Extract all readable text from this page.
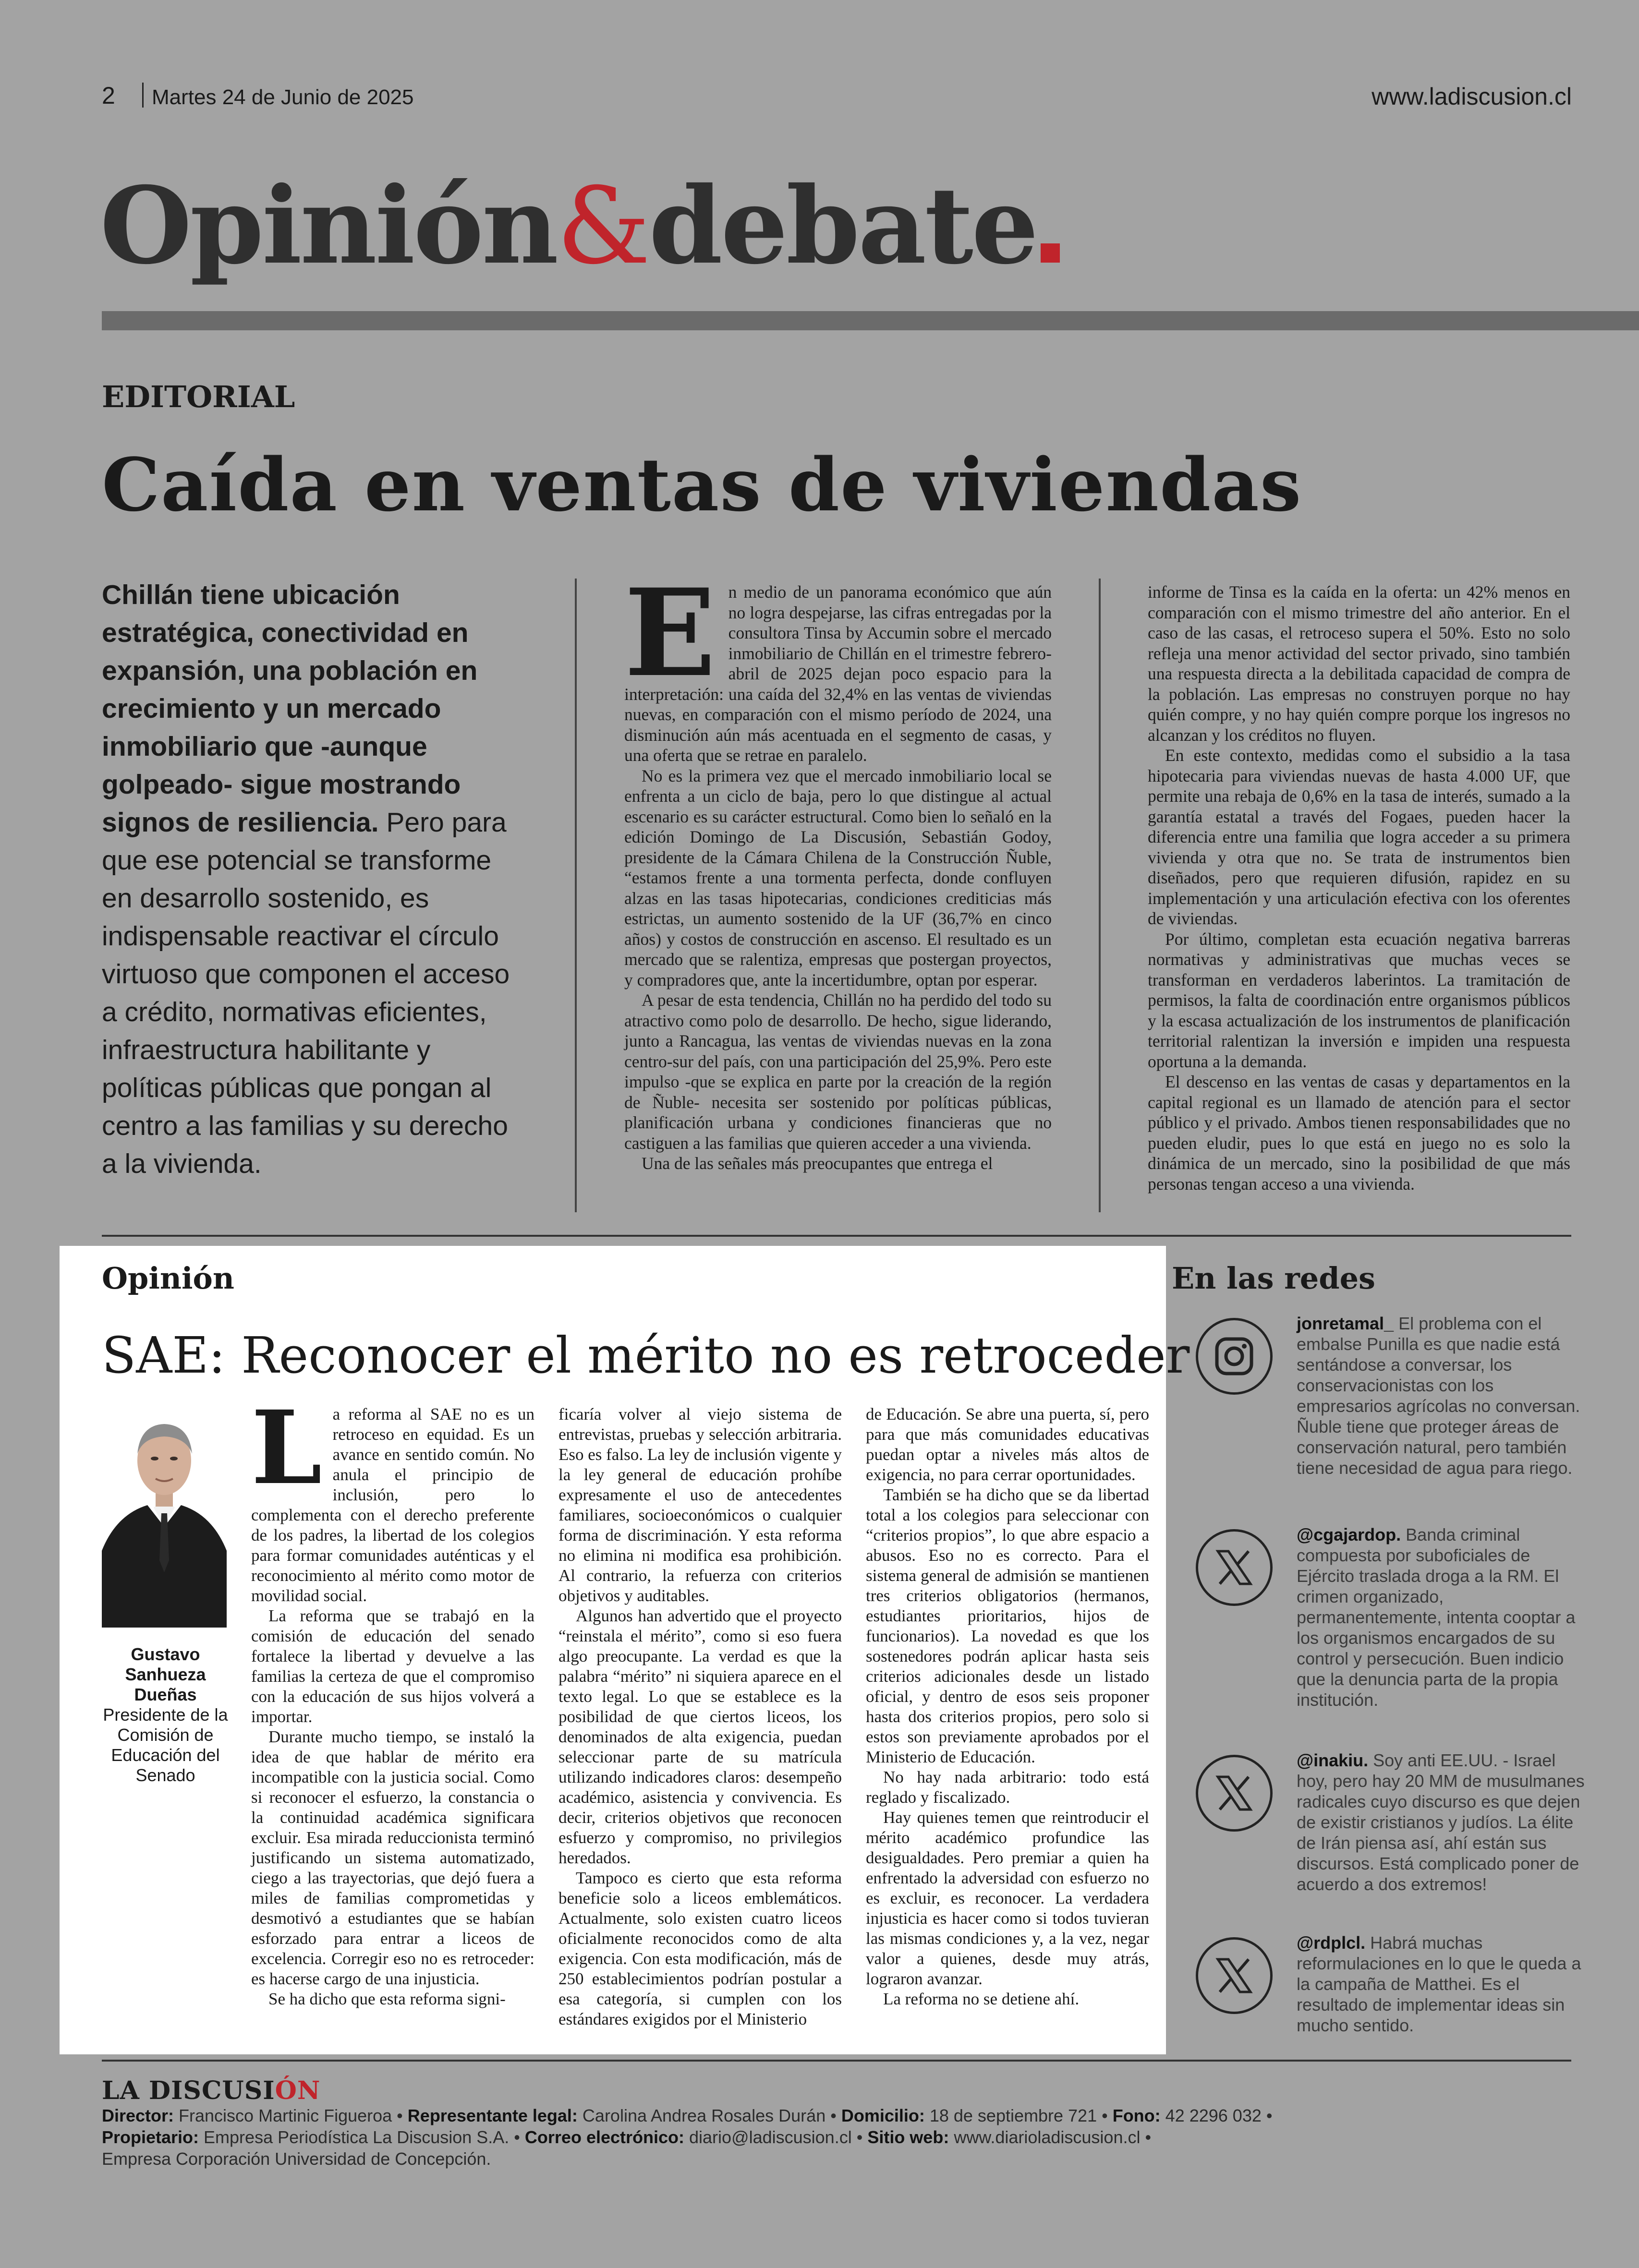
2 Martes 24 de Junio de 2025	www.ladiscusion.cl
Opinión&debate
EDITORIAL
Caída en ventas de viviendas
Chillán tiene ubicación estratégica, conectividad en expansión, una población en crecimiento y un mercado inmobiliario que -aunque golpeado- sigue mostrando signos de resiliencia. Pero para que ese potencial se transforme en desarrollo sostenido, es indispensable reactivar el círculo virtuoso que componen el acceso a crédito, normativas eficientes, infraestructura habilitante y políticas públicas que pongan al centro a las familias y su derecho a la vivienda.
E n medio de un panorama económico que aún no logra despejarse, las cifras entregadas por la consultora Tinsa by Accumin sobre el mercado inmobiliario de Chillán en el trimestre febrero-abril de 2025 dejan poco espacio para la interpretación: una caída del 32,4% en las ventas de viviendas nuevas, en comparación con el mismo período de 2024, una disminución aún más acentuada en el segmento de casas, y una oferta que se retrae en paralelo.

No es la primera vez que el mercado inmobiliario local se enfrenta a un ciclo de baja, pero lo que distingue al actual escenario es su carácter estructural. Como bien lo señaló en la edición Domingo de La Discusión, Sebastián Godoy, presidente de la Cámara Chilena de la Construcción Ñuble, “estamos frente a una tormenta perfecta, donde confluyen alzas en las tasas hipotecarias, condiciones crediticias más estrictas, un aumento sostenido de la UF (36,7% en cinco años) y costos de construcción en ascenso. El resultado es un mercado que se ralentiza, empresas que postergan proyectos, y compradores que, ante la incertidumbre, optan por esperar.

A pesar de esta tendencia, Chillán no ha perdido del todo su atractivo como polo de desarrollo. De hecho, sigue liderando, junto a Rancagua, las ventas de viviendas nuevas en la zona centro-sur del país, con una participación del 25,9%. Pero este impulso -que se explica en parte por la creación de la región de Ñuble- necesita ser sostenido por políticas públicas, planificación urbana y condiciones financieras que no castiguen a las familias que quieren acceder a una vivienda.

Una de las señales más preocupantes que entrega el

informe de Tinsa es la caída en la oferta: un 42% menos en comparación con el mismo trimestre del año anterior. En el caso de las casas, el retroceso supera el 50%. Esto no solo refleja una menor actividad del sector privado, sino también una respuesta directa a la debilitada capacidad de compra de la población. Las empresas no construyen porque no hay quién compre, y no hay quién compre porque los ingresos no alcanzan y los créditos no fluyen.

En este contexto, medidas como el subsidio a la tasa hipotecaria para viviendas nuevas de hasta 4.000 UF, que permite una rebaja de 0,6% en la tasa de interés, sumado a la garantía estatal a través del Fogaes, pueden hacer la diferencia entre una familia que logra acceder a su primera vivienda y otra que no. Se trata de instrumentos bien diseñados, pero que requieren difusión, rapidez en su implementación y una articulación efectiva con los oferentes de viviendas.

Por último, completan esta ecuación negativa barreras normativas y administrativas que muchas veces se transforman en verdaderos laberintos. La tramitación de permisos, la falta de coordinación entre organismos públicos y la escasa actualización de los instrumentos de planificación territorial ralentizan la inversión e impiden una respuesta oportuna a la demanda.

El descenso en las ventas de casas y departamentos en la capital regional es un llamado de atención para el sector público y el privado. Ambos tienen responsabilidades que no pueden eludir, pues lo que está en juego no es solo la dinámica de un mercado, sino la posibilidad de que más personas tengan acceso a una vivienda.

Opinión
SAE: Reconocer el mérito no es retroceder
Gustavo Sanhueza Dueñas
Presidente de la Comisión de Educación del Senado
L a reforma al SAE no es un retroceso en equidad. Es un avance en sentido común. No anula el principio de inclusión, pero lo complementa con el derecho preferente de los padres, la libertad de los colegios para formar comunidades auténticas y el reconocimiento al mérito como motor de movilidad social.

La reforma que se trabajó en la comisión de educación del senado fortalece la libertad y devuelve a las familias la certeza de que el compromiso con la educación de sus hijos volverá a importar.

Durante mucho tiempo, se instaló la idea de que hablar de mérito era incompatible con la justicia social. Como si reconocer el esfuerzo, la constancia o la continuidad académica significara excluir. Esa mirada reduccionista terminó justificando un sistema automatizado, ciego a las trayectorias, que dejó fuera a miles de familias comprometidas y desmotivó a estudiantes que se habían esforzado para entrar a liceos de excelencia. Corregir eso no es retroceder: es hacerse cargo de una injusticia.

Se ha dicho que esta reforma signi-

ficaría volver al viejo sistema de entrevistas, pruebas y selección arbitraria. Eso es falso. La ley de inclusión vigente y la ley general de educación prohíbe expresamente el uso de antecedentes familiares, socioeconómicos o cualquier forma de discriminación. Y esta reforma no elimina ni modifica esa prohibición. Al contrario, la refuerza con criterios objetivos y auditables.

Algunos han advertido que el proyecto “reinstala el mérito”, como si eso fuera algo preocupante. La verdad es que la palabra “mérito” ni siquiera aparece en el texto legal. Lo que se establece es la posibilidad de que ciertos liceos, los denominados de alta exigencia, puedan seleccionar parte de su matrícula utilizando indicadores claros: desempeño académico, asistencia y convivencia. Es decir, criterios objetivos que reconocen esfuerzo y compromiso, no privilegios heredados.

Tampoco es cierto que esta reforma beneficie solo a liceos emblemáticos. Actualmente, solo existen cuatro liceos oficialmente reconocidos como de alta exigencia. Con esta modificación, más de 250 establecimientos podrían postular a esa categoría, si cumplen con los estándares exigidos por el Ministerio

de Educación. Se abre una puerta, sí, pero para que más comunidades educativas puedan optar a niveles más altos de exigencia, no para cerrar oportunidades.

También se ha dicho que se da libertad total a los colegios para seleccionar con “criterios propios”, lo que abre espacio a abusos. Eso no es correcto. Para el sistema general de admisión se mantienen tres criterios obligatorios (hermanos, estudiantes prioritarios, hijos de funcionarios). La novedad es que los sostenedores podrán aplicar hasta seis criterios adicionales desde un listado oficial, y dentro de esos seis proponer hasta dos criterios propios, pero solo si estos son previamente aprobados por el Ministerio de Educación.

No hay nada arbitrario: todo está reglado y fiscalizado.

Hay quienes temen que reintroducir el mérito académico profundice las desigualdades. Pero premiar a quien ha enfrentado la adversidad con esfuerzo no es excluir, es reconocer. La verdadera injusticia es hacer como si todos tuvieran las mismas condiciones y, a la vez, negar valor a quienes, desde muy atrás, lograron avanzar.

La reforma no se detiene ahí.

En las redes
jonretamal_ El problema con el embalse Punilla es que nadie está sentándose a conversar, los conservacionistas con los empresarios agrícolas no conversan. Ñuble tiene que proteger áreas de conservación natural, pero también tiene necesidad de agua para riego.
@cgajardop. Banda criminal compuesta por suboficiales de Ejército traslada droga a la RM. El crimen organizado, permanentemente, intenta cooptar a los organismos encargados de su control y persecución. Buen indicio que la denuncia parta de la propia institución.
@inakiu. Soy anti EE.UU. - Israel hoy, pero hay 20 MM de musulmanes radicales cuyo discurso es que dejen de existir cristianos y judíos. La élite de Irán piensa así, ahí están sus discursos. Está complicado poner de acuerdo a dos extremos!
@rdplcl. Habrá muchas reformulaciones en lo que le queda a la campaña de Matthei. Es el resultado de implementar ideas sin mucho sentido.
LA DISCUSIÓN
Director: Francisco Martinic Figueroa • Representante legal: Carolina Andrea Rosales Durán • Domicilio: 18 de septiembre 721 • Fono: 42 2296 032 •
Propietario: Empresa Periodística La Discusion S.A. • Correo electrónico: diario@ladiscusion.cl • Sitio web: www.diarioladiscusion.cl •
Empresa Corporación Universidad de Concepción.
